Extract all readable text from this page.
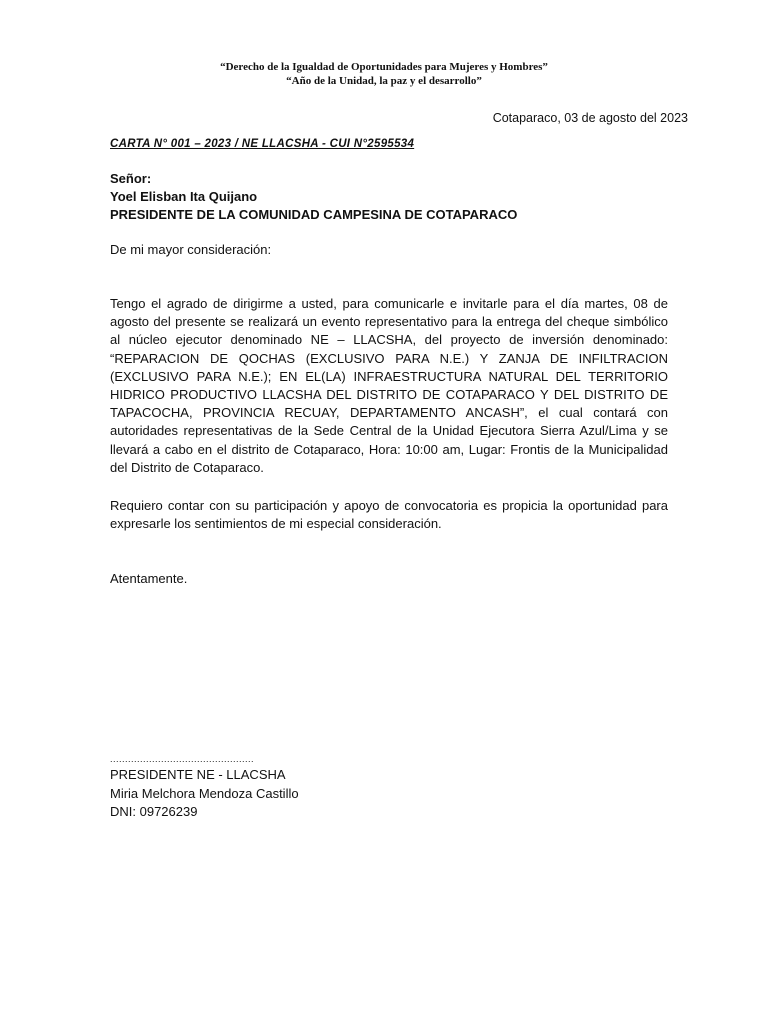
“Derecho de la Igualdad de Oportunidades para Mujeres y Hombres”
“Año de la Unidad, la paz y el desarrollo”
Cotaparaco, 03 de agosto del 2023
CARTA N° 001 – 2023 / NE LLACSHA - CUI N°2595534
Señor:
Yoel Elisban Ita Quijano
PRESIDENTE DE LA COMUNIDAD CAMPESINA DE COTAPARACO
De mi mayor consideración:
Tengo el agrado de dirigirme a usted, para comunicarle e invitarle para el día martes, 08 de agosto del presente se realizará un evento representativo para la entrega del cheque simbólico al núcleo ejecutor denominado NE – LLACSHA, del proyecto de inversión denominado: “REPARACION DE QOCHAS (EXCLUSIVO PARA N.E.) Y ZANJA DE INFILTRACION (EXCLUSIVO PARA N.E.); EN EL(LA) INFRAESTRUCTURA NATURAL DEL TERRITORIO HIDRICO PRODUCTIVO LLACSHA DEL DISTRITO DE COTAPARACO Y DEL DISTRITO DE TAPACOCHA, PROVINCIA RECUAY, DEPARTAMENTO ANCASH”, el cual contará con autoridades representativas de la Sede Central de la Unidad Ejecutora Sierra Azul/Lima y se llevará a cabo en el distrito de Cotaparaco, Hora: 10:00 am, Lugar: Frontis de la Municipalidad del Distrito de Cotaparaco.
Requiero contar con su participación y apoyo de convocatoria es propicia la oportunidad para expresarle los sentimientos de mi especial consideración.
Atentamente.
................................................
PRESIDENTE NE - LLACSHA
Miria Melchora Mendoza Castillo
DNI: 09726239
